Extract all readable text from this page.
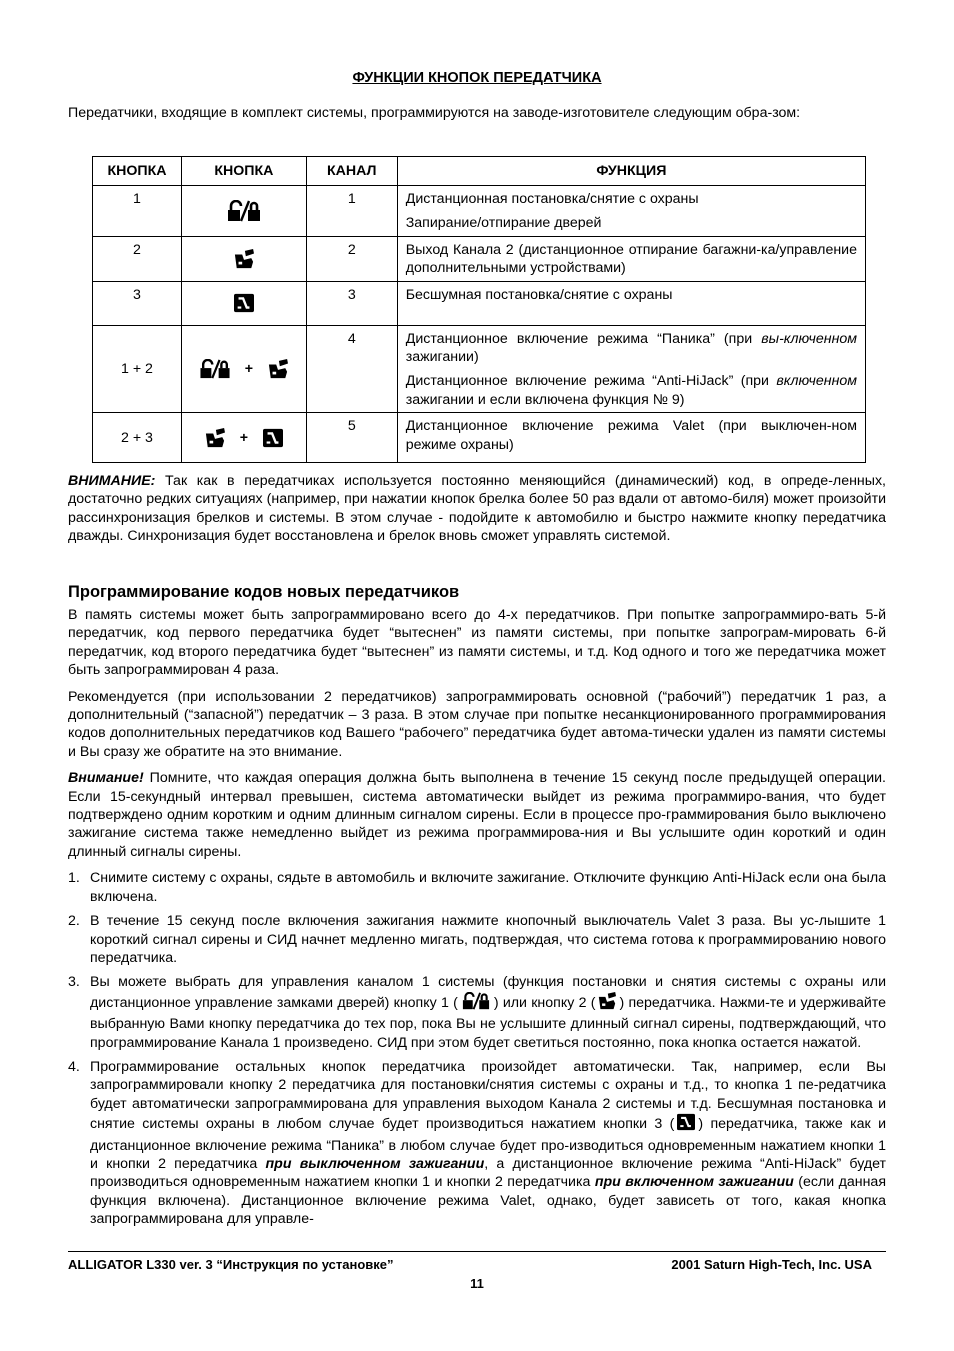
ФУНКЦИИ КНОПОК ПЕРЕДАТЧИКА

Передатчики, входящие в комплект системы, программируются на заводе-изготовителе следующим обра-зом:

КНОПКА	КНОПКА	КАНАЛ	ФУНКЦИЯ
1		1	Дистанционная постановка/снятие с охраны

Запирание/отпирание дверей

2		2	Выход Канала 2 (дистанционное отпирание багажни-ка/управление дополнительными устройствами)

3		3	Бесшумная постановка/снятие с охраны

1 + 2	+	4	Дистанционное включение режима “Паника” (при вы-ключенном зажигании)

Дистанционное включение режима “Anti-HiJack” (при включенном зажигании и если включена функция № 9)

2 + 3	+	5	Дистанционное включение режима Valet (при выключен-ном режиме охраны)

ВНИМАНИЕ: Так как в передатчиках используется постоянно меняющийся (динамический) код, в опреде-ленных, достаточно редких ситуациях (например, при нажатии кнопок брелка более 50 раз вдали от автомо-биля) может произойти рассинхронизация брелков и системы. В этом случае - подойдите к автомобилю и быстро нажмите кнопку передатчика дважды. Синхронизация будет восстановлена и брелок вновь сможет управлять системой.

Программирование кодов новых передатчиков

В память системы может быть запрограммировано всего до 4-х передатчиков. При попытке запрограммиро-вать 5-й передатчик, код первого передатчика будет “вытеснен” из памяти системы, при попытке запрограм-мировать 6-й передатчик, код второго передатчика будет “вытеснен” из памяти системы, и т.д. Код одного и того же передатчика может быть запрограммирован 4 раза.

Рекомендуется (при использовании 2 передатчиков) запрограммировать основной (“рабочий”) передатчик 1 раз, а дополнительный (“запасной”) передатчик – 3 раза. В этом случае при попытке несанкционированного программирования кодов дополнительных передатчиков код Вашего “рабочего” передатчика будет автома-тически удален из памяти системы и Вы сразу же обратите на это внимание.

Внимание! Помните, что каждая операция должна быть выполнена в течение 15 секунд после предыдущей операции. Если 15-секундный интервал превышен, система автоматически выйдет из режима программиро-вания, что будет подтверждено одним коротким и одним длинным сигналом сирены. Если в процессе про-граммирования было выключено зажигание система также немедленно выйдет из режима программирова-ния и Вы услышите один короткий и один длинный сигналы сирены.

1. Снимите систему с охраны, сядьте в автомобиль и включите зажигание. Отключите функцию Anti-HiJack если она была включена.
2. В течение 15 секунд после включения зажигания нажмите кнопочный выключатель Valet 3 раза. Вы ус-лышите 1 короткий сигнал сирены и СИД начнет медленно мигать, подтверждая, что система готова к программированию нового передатчика.
3. Вы можете выбрать для управления каналом 1 системы (функция постановки и снятия системы с охраны или дистанционное управление замками дверей) кнопку 1 (	) или кнопку 2 ( ) передатчика. Нажми-те и удерживайте выбранную Вами кнопку передатчика до тех пор, пока Вы не услышите длинный сигнал сирены, подтверждающий, что программирование Канала 1 произведено. СИД при этом будет светиться постоянно, пока кнопка остается нажатой.
4. Программирование остальных кнопок передатчика произойдет автоматически. Так, например, если Вы запрограммировали кнопку 2 передатчика для постановки/снятия системы с охраны и т.д., то кнопка 1 пе-редатчика будет автоматически запрограммирована для управления выходом Канала 2 системы и т.д. Бесшумная постановка и снятие системы охраны в любом случае будет производиться нажатием кнопки 3 ( ) передатчика, также как и дистанционное включение режима “Паника” в любом случае будет про-изводиться одновременным нажатием кнопки 1 и кнопки 2 передатчика при выключенном зажигании, а дистанционное включение режима “Anti-HiJack” будет производиться одновременным нажатием кнопки 1 и кнопки 2 передатчика при включенном зажигании (если данная функция включена). Дистанционное включение режима Valet, однако, будет зависеть от того, какая кнопка запрограммирована для управле-
ALLIGATOR L330 ver. 3 “Инструкция по установке”	2001 Saturn High-Tech, Inc. USA
11
